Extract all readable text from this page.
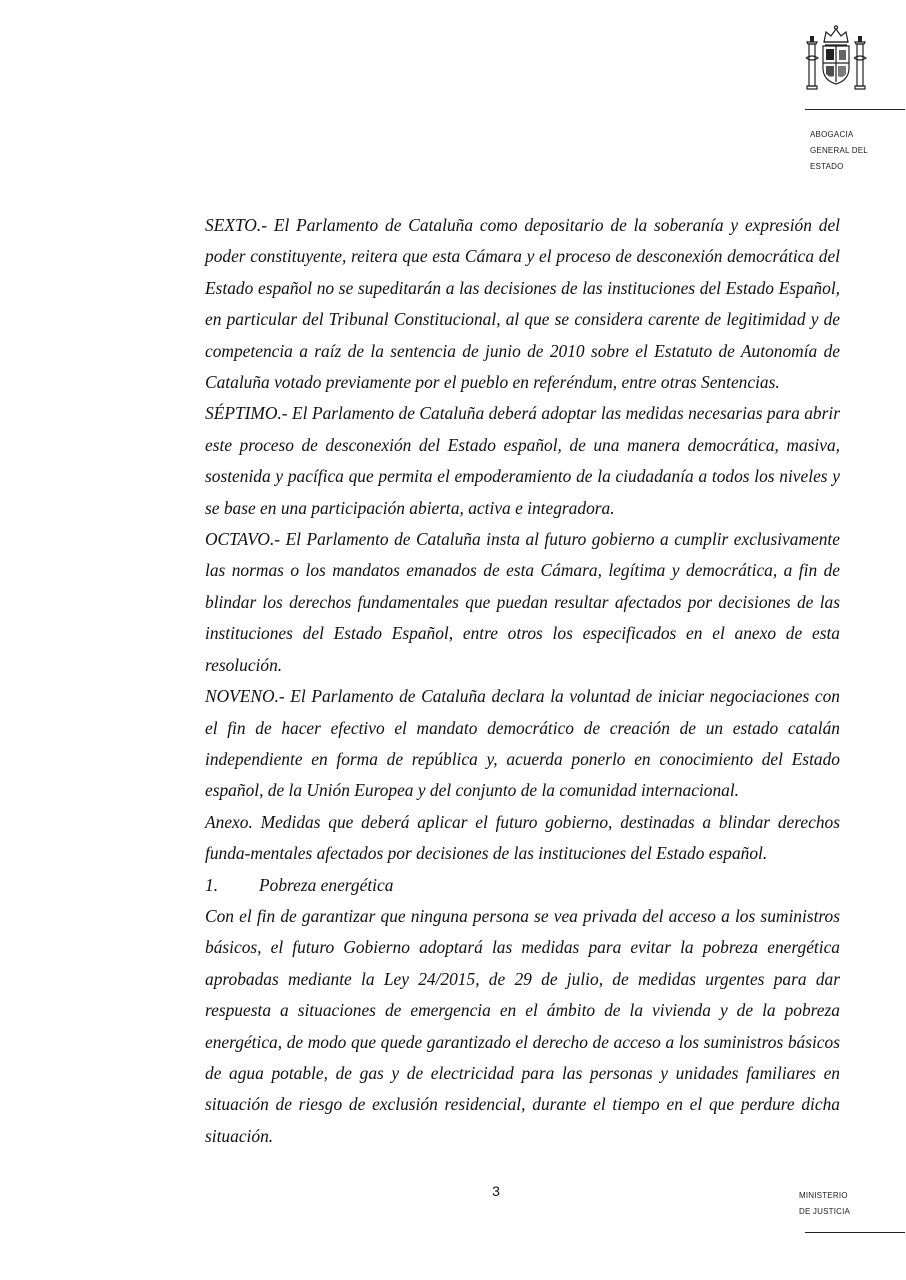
ABOGACIA
GENERAL DEL
ESTADO

SEXTO.- El Parlamento de Cataluña como depositario de la soberanía y expresión del poder constituyente, reitera que esta Cámara y el proceso de desconexión democrática del Estado español no se supeditarán a las decisiones de las instituciones del Estado Español, en particular del Tribunal Constitucional, al que se considera carente de legitimidad y de competencia a raíz de la sentencia de junio de 2010 sobre el Estatuto de Autonomía de Cataluña votado previamente por el pueblo en referéndum, entre otras Sentencias.

SÉPTIMO.- El Parlamento de Cataluña deberá adoptar las medidas necesarias para abrir este proceso de desconexión del Estado español, de una manera democrática, masiva, sostenida y pacífica que permita el empoderamiento de la ciudadanía a todos los niveles y se base en una participación abierta, activa e integradora.

OCTAVO.- El Parlamento de Cataluña insta al futuro gobierno a cumplir exclusivamente las normas o los mandatos emanados de esta Cámara, legítima y democrática, a fin de blindar los derechos fundamentales que puedan resultar afectados por decisiones de las instituciones del Estado Español, entre otros los especificados en el anexo de esta resolución.

NOVENO.- El Parlamento de Cataluña declara la voluntad de iniciar negociaciones con el fin de hacer efectivo el mandato democrático de creación de un estado catalán independiente en forma de república y, acuerda ponerlo en conocimiento del Estado español, de la Unión Europea y del conjunto de la comunidad internacional.

Anexo. Medidas que deberá aplicar el futuro gobierno, destinadas a blindar derechos funda-mentales afectados por decisiones de las instituciones del Estado español.

1. Pobreza energética

Con el fin de garantizar que ninguna persona se vea privada del acceso a los suministros básicos, el futuro Gobierno adoptará las medidas para evitar la pobreza energética aprobadas mediante la Ley 24/2015, de 29 de julio, de medidas urgentes para dar respuesta a situaciones de emergencia en el ámbito de la vivienda y de la pobreza energética, de modo que quede garantizado el derecho de acceso a los suministros básicos de agua potable, de gas y de electricidad para las personas y unidades familiares en situación de riesgo de exclusión residencial, durante el tiempo en el que perdure dicha situación.

3	MINISTERIO
DE JUSTICIA
